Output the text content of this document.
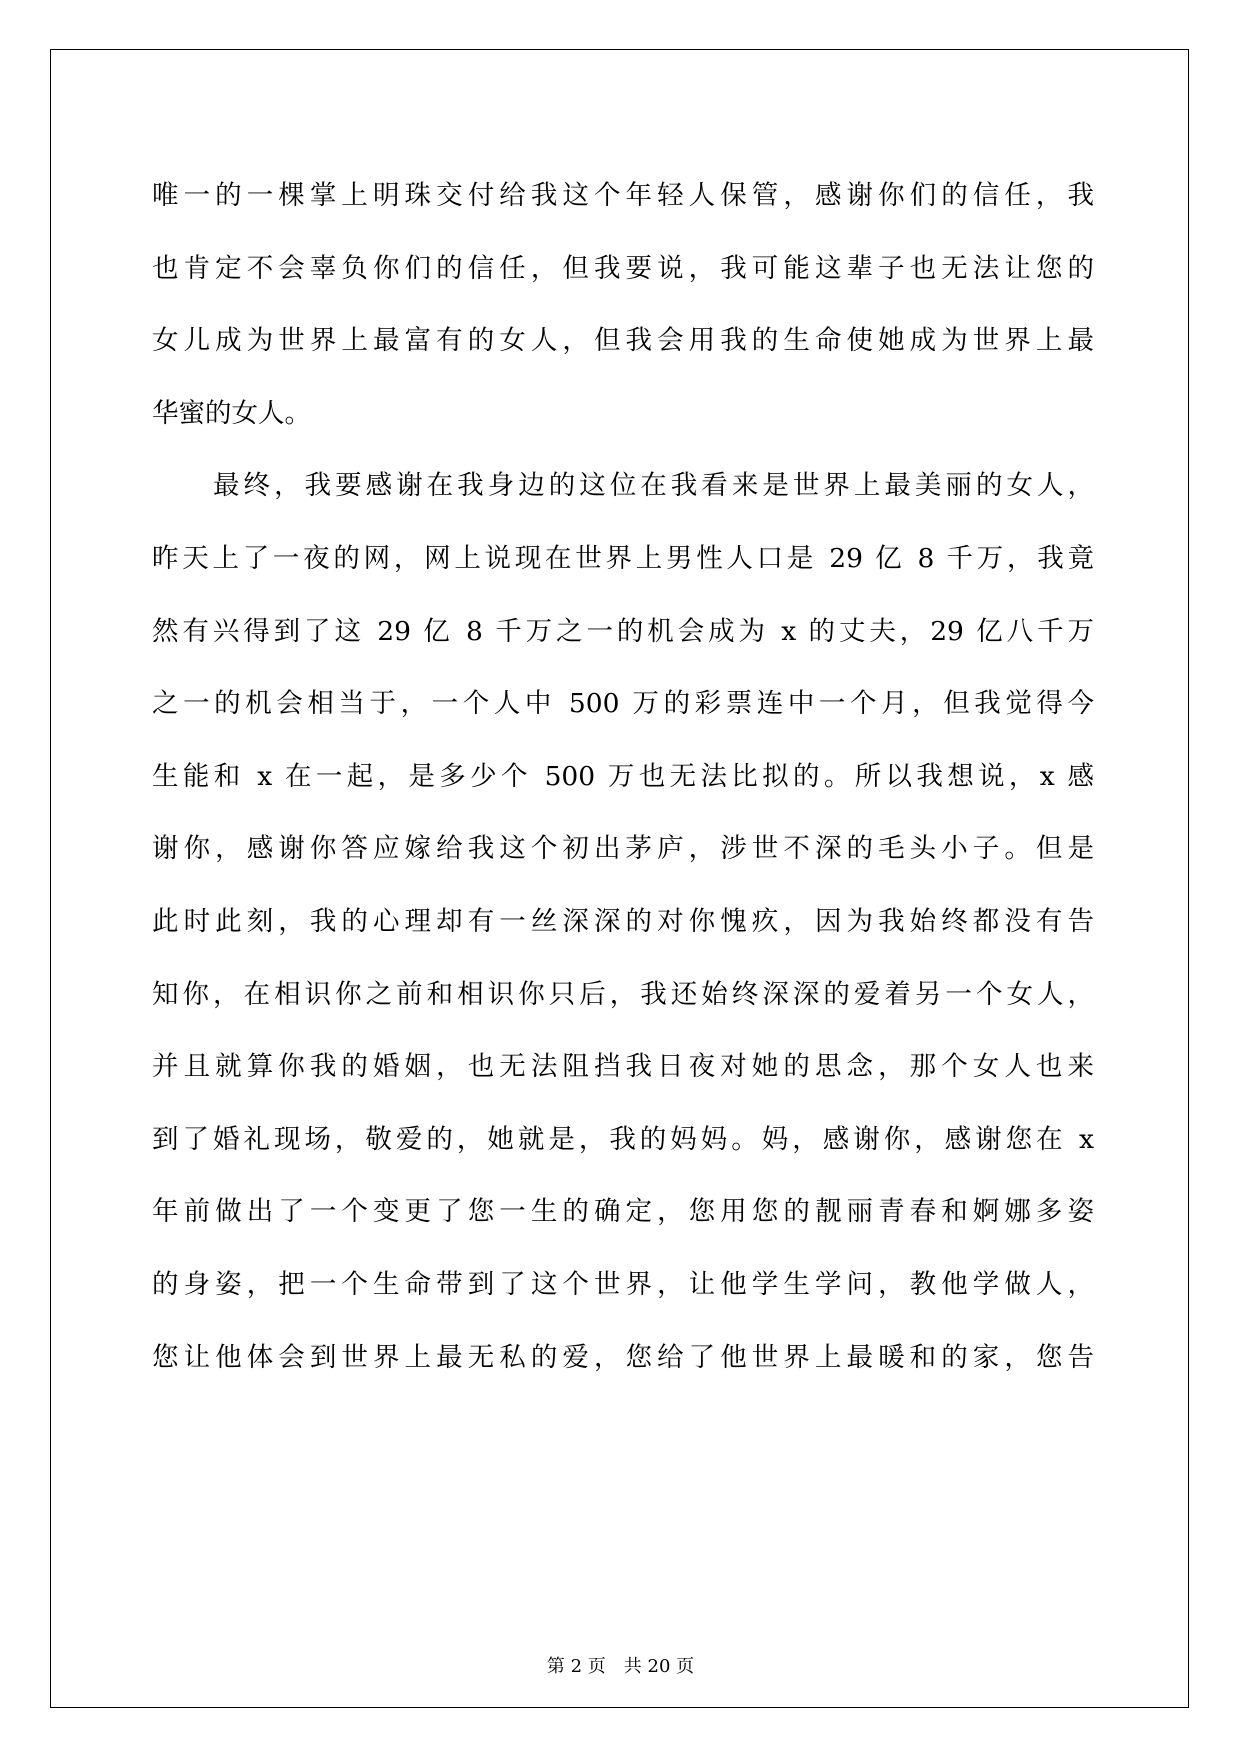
唯一的一棵掌上明珠交付给我这个年轻人保管，感谢你们的信任，我
也肯定不会辜负你们的信任，但我要说，我可能这辈子也无法让您的
女儿成为世界上最富有的女人，但我会用我的生命使她成为世界上最
华蜜的女人。
　　最终，我要感谢在我身边的这位在我看来是世界上最美丽的女人，
昨天上了一夜的网，网上说现在世界上男性人口是 29 亿 8 千万，我竟
然有兴得到了这 29 亿 8 千万之一的机会成为 x 的丈夫，29 亿八千万
之一的机会相当于，一个人中 500 万的彩票连中一个月，但我觉得今
生能和 x 在一起，是多少个 500 万也无法比拟的。所以我想说，x 感
谢你，感谢你答应嫁给我这个初出茅庐，涉世不深的毛头小子。但是
此时此刻，我的心理却有一丝深深的对你愧疚，因为我始终都没有告
知你，在相识你之前和相识你只后，我还始终深深的爱着另一个女人，
并且就算你我的婚姻，也无法阻挡我日夜对她的思念，那个女人也来
到了婚礼现场，敬爱的，她就是，我的妈妈。妈，感谢你，感谢您在 x
年前做出了一个变更了您一生的确定，您用您的靓丽青春和婀娜多姿
的身姿，把一个生命带到了这个世界，让他学生学问，教他学做人，
您让他体会到世界上最无私的爱，您给了他世界上最暖和的家，您告
第 2 页　共 20 页
